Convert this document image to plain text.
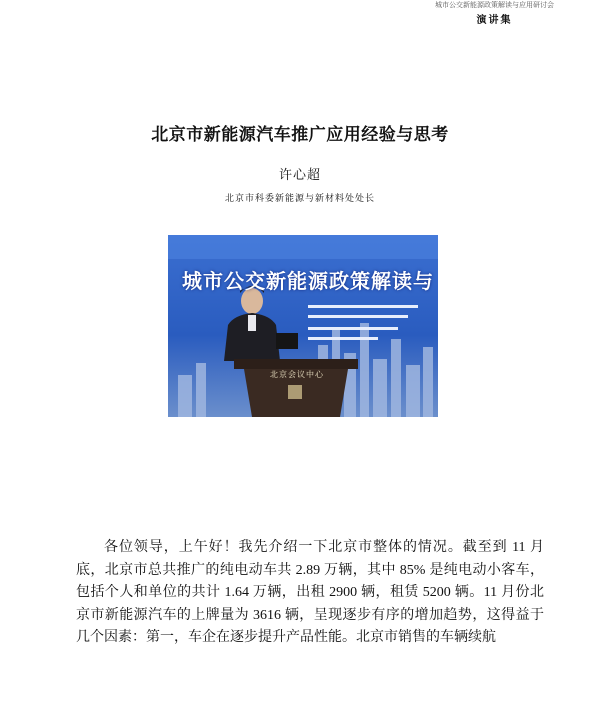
城市公交新能源政策解读与应用研讨会
演讲集
北京市新能源汽车推广应用经验与思考
许心超
北京市科委新能源与新材料处处长
城市公交新能源政策解读与
北京会议中心

各位领导，上午好！我先介绍一下北京市整体的情况。截至到 11 月底，北京市总共推广的纯电动车共 2.89 万辆，其中 85% 是纯电动小客车，包括个人和单位的共计 1.64 万辆，出租 2900 辆，租赁 5200 辆。11 月份北京市新能源汽车的上牌量为 3616 辆，呈现逐步有序的增加趋势，这得益于几个因素：第一，车企在逐步提升产品性能。北京市销售的车辆续航
